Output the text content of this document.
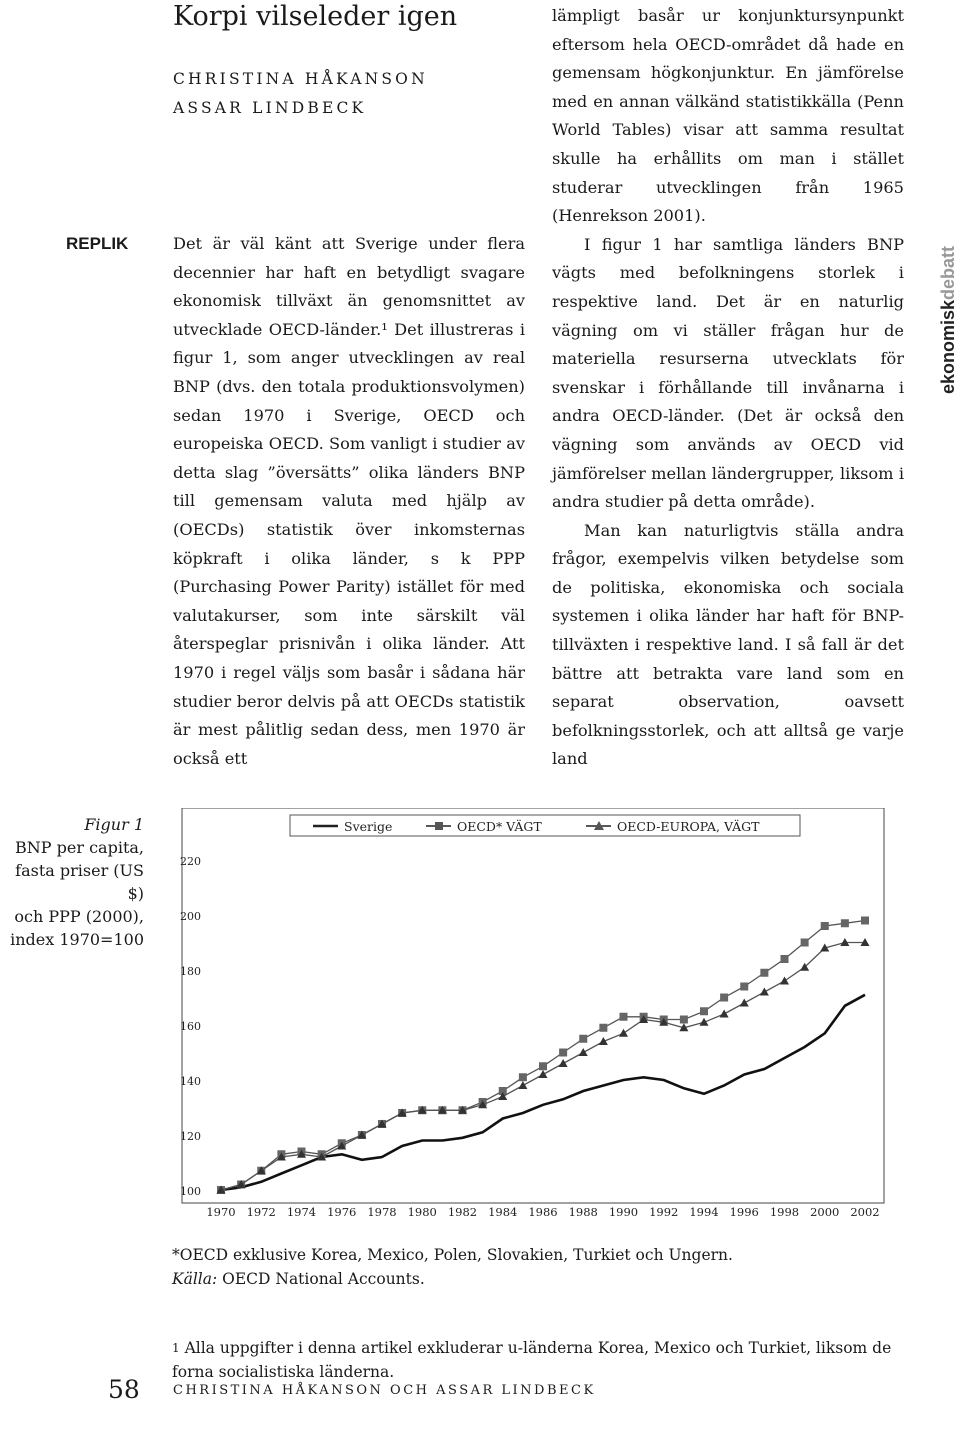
Korpi vilseleder igen
CHRISTINA HÅKANSON
ASSAR LINDBECK
REPLIK	Det är väl känt att Sverige under flera decennier har haft en betydligt svagare ekonomisk tillväxt än genomsnittet av utvecklade OECD-länder.¹ Det illustreras i figur 1, som anger utvecklingen av real BNP (dvs. den totala produktionsvolymen) sedan 1970 i Sverige, OECD och europeiska OECD. Som vanligt i studier av detta slag ”översätts” olika länders BNP till gemensam valuta med hjälp av (OECDs) statistik över inkomsternas köpkraft i olika länder, s k PPP (Purchasing Power Parity) istället för med valutakurser, som inte särskilt väl återspeglar prisnivån i olika länder. Att 1970 i regel väljs som basår i sådana här studier beror delvis på att OECDs statistik är mest pålitlig sedan dess, men 1970 är också ett

lämpligt basår ur konjunktursynpunkt eftersom hela OECD-området då hade en gemensam högkonjunktur. En jämförelse med en annan välkänd statistikkälla (Penn World Tables) visar att samma resultat skulle ha erhållits om man i stället studerar utvecklingen från 1965 (Henrekson 2001).

I figur 1 har samtliga länders BNP vägts med befolkningens storlek i respektive land. Det är en naturlig vägning om vi ställer frågan hur de materiella resurserna utvecklats för svenskar i förhållande till invånarna i andra OECD-länder. (Det är också den vägning som används av OECD vid jämförelser mellan ländergrupper, liksom i andra studier på detta område).

Man kan naturligtvis ställa andra frågor, exempelvis vilken betydelse som de politiska, ekonomiska och sociala systemen i olika länder har haft för BNP-tillväxten i respektive land. I så fall är det bättre att betrakta vare land som en separat observation, oavsett befolkningsstorlek, och att alltså ge varje land

ekonomiskdebatt
Figur 1
BNP per capita,
fasta priser (US $)
och PPP (2000),
index 1970=100
100
120
140
160
180
200
220
1970 1972 1974 1976 1978 1980 1982 1984 1986 1988 1990 1992 1994 1996 1998 2000 2002
Sverige	OECD* VÄGT	OECD-EUROPA, VÄGT
*OECD exklusive Korea, Mexico, Polen, Slovakien, Turkiet och Ungern.
Källa: OECD National Accounts.
$^1$ Alla uppgifter i denna artikel exkluderar u-länderna Korea, Mexico och Turkiet, liksom de forna socialistiska länderna.
58	CHRISTINA HÅKANSON OCH ASSAR LINDBECK
